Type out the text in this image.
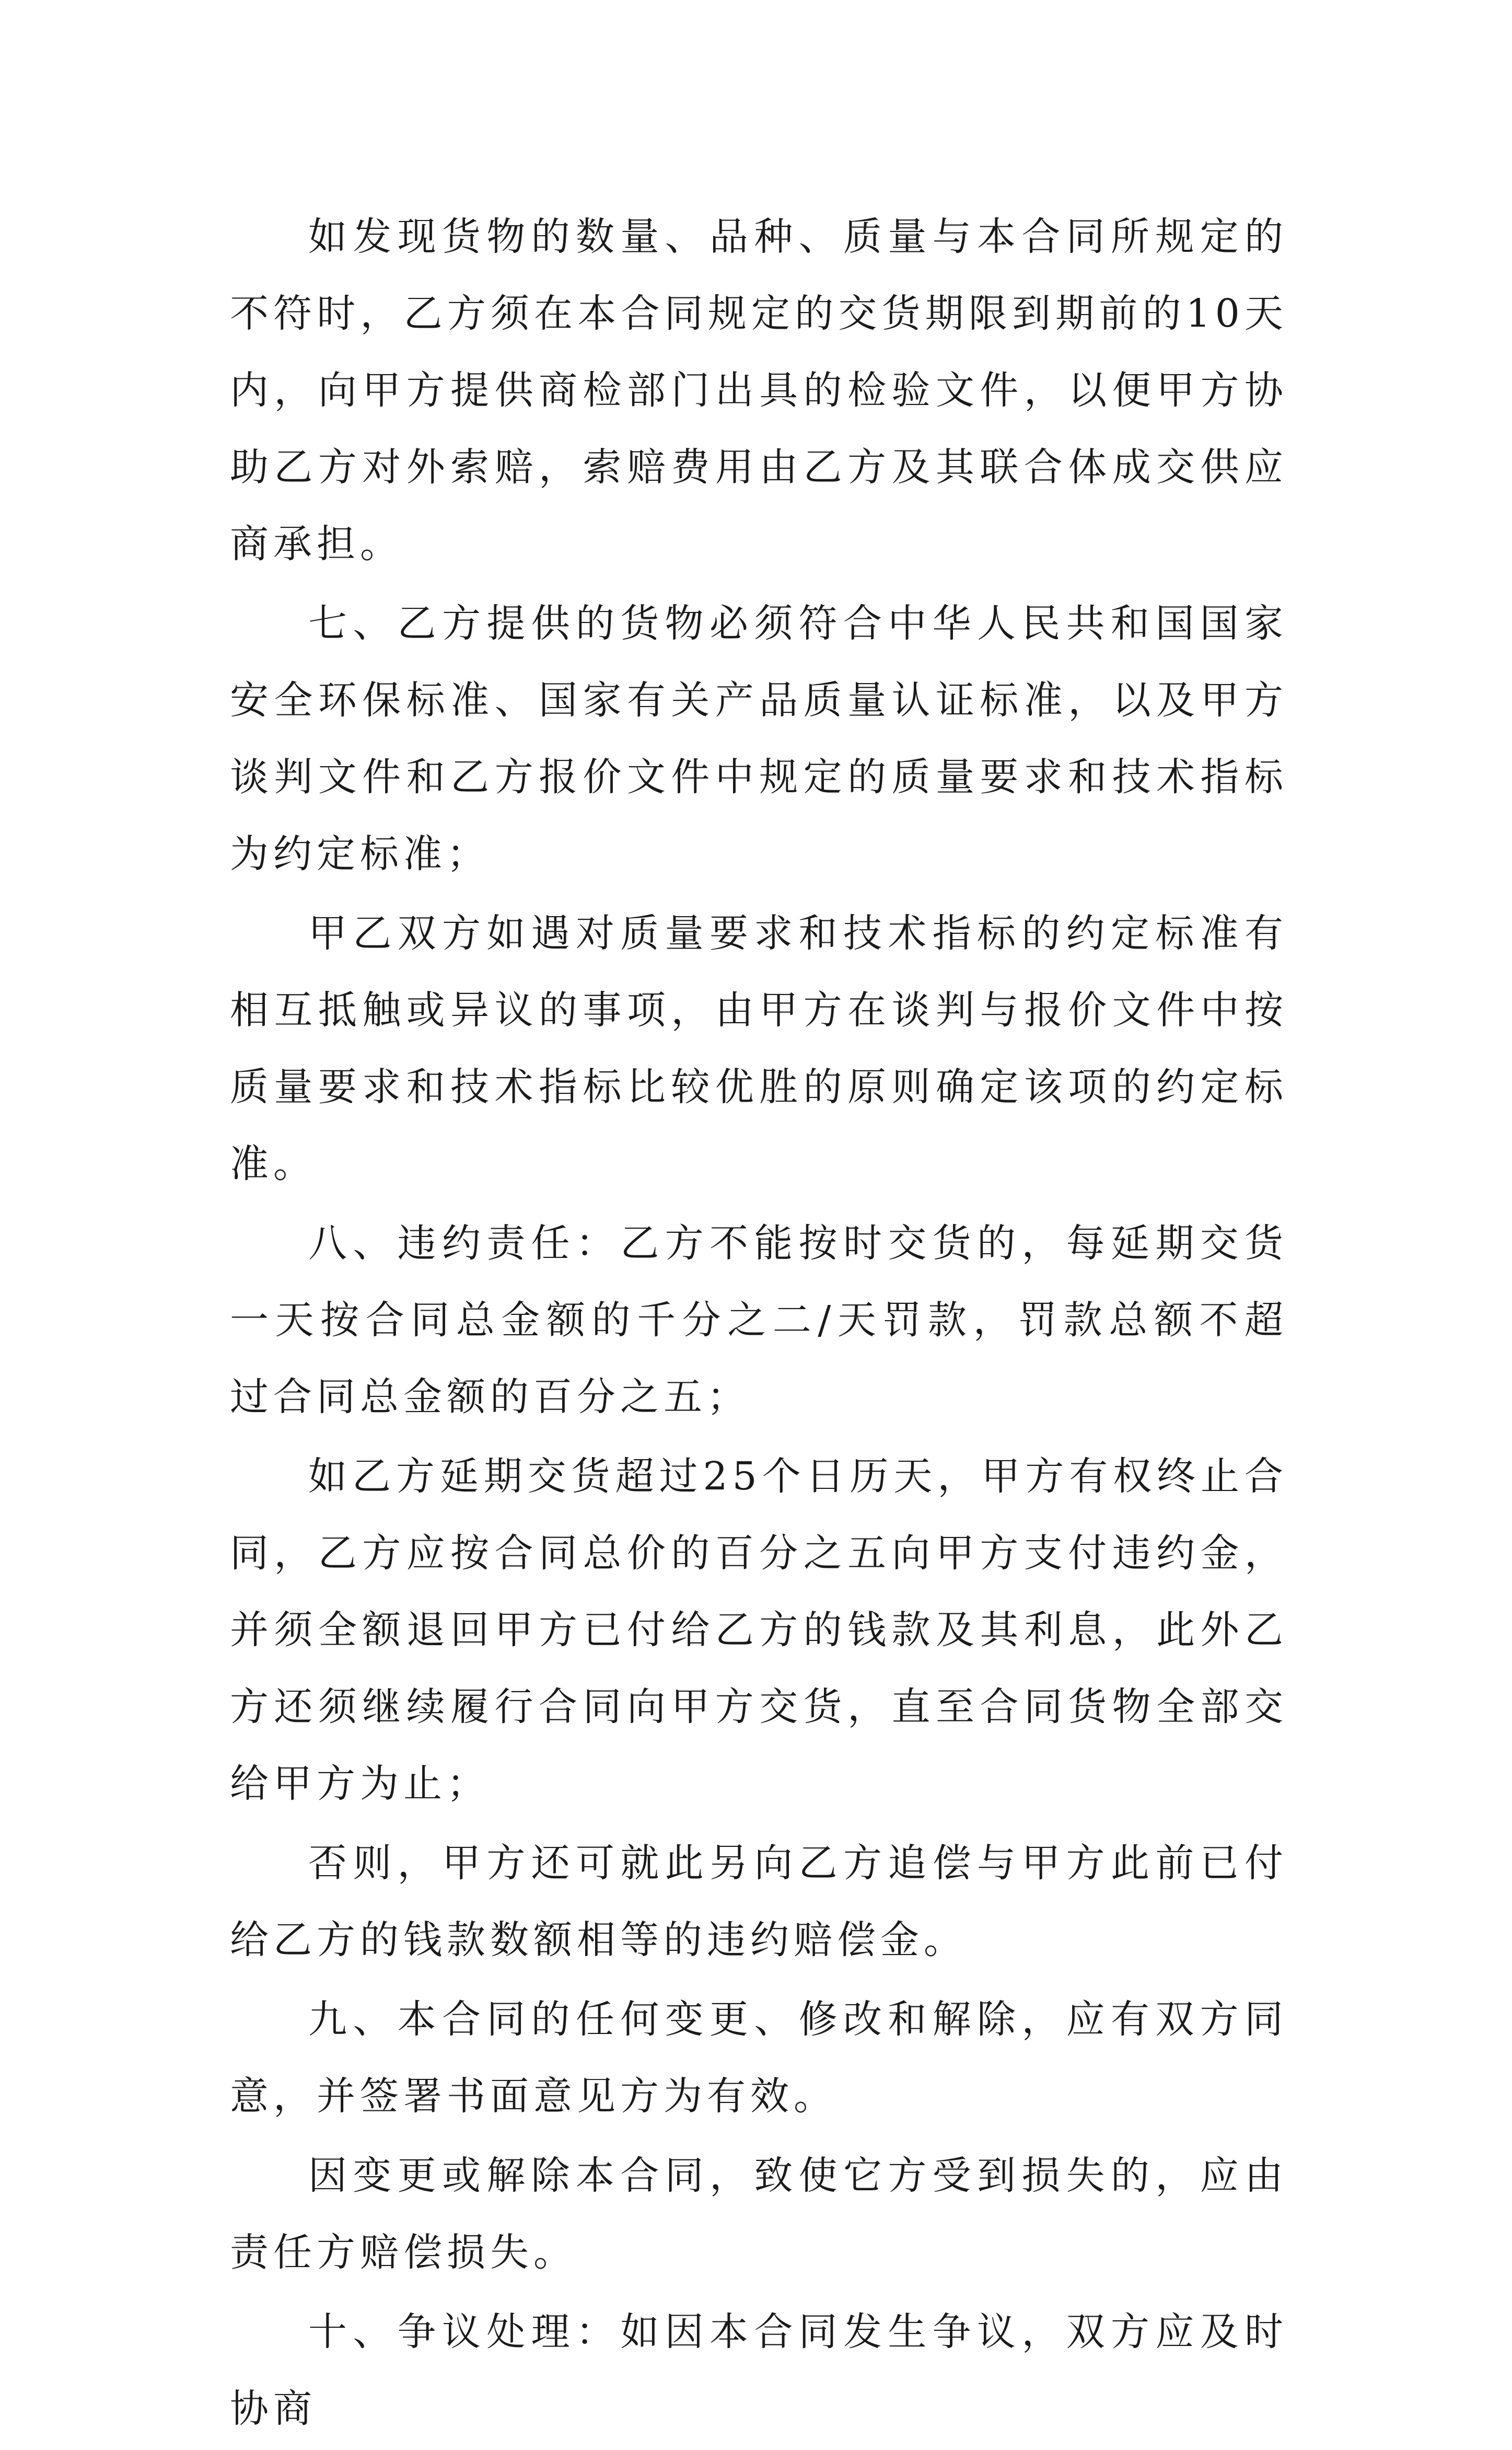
如发现货物的数量、品种、质量与本合同所规定的不符时，乙方须在本合同规定的交货期限到期前的10天内，向甲方提供商检部门出具的检验文件，以便甲方协助乙方对外索赔，索赔费用由乙方及其联合体成交供应商承担。

七、乙方提供的货物必须符合中华人民共和国国家安全环保标准、国家有关产品质量认证标准，以及甲方谈判文件和乙方报价文件中规定的质量要求和技术指标为约定标准；

甲乙双方如遇对质量要求和技术指标的约定标准有相互抵触或异议的事项，由甲方在谈判与报价文件中按质量要求和技术指标比较优胜的原则确定该项的约定标准。

八、违约责任：乙方不能按时交货的，每延期交货一天按合同总金额的千分之二/天罚款，罚款总额不超过合同总金额的百分之五；

如乙方延期交货超过25个日历天，甲方有权终止合同，乙方应按合同总价的百分之五向甲方支付违约金，并须全额退回甲方已付给乙方的钱款及其利息，此外乙方还须继续履行合同向甲方交货，直至合同货物全部交给甲方为止；

否则，甲方还可就此另向乙方追偿与甲方此前已付给乙方的钱款数额相等的违约赔偿金。

九、本合同的任何变更、修改和解除，应有双方同意，并签署书面意见方为有效。

因变更或解除本合同，致使它方受到损失的，应由责任方赔偿损失。

十、争议处理：如因本合同发生争议，双方应及时协商
